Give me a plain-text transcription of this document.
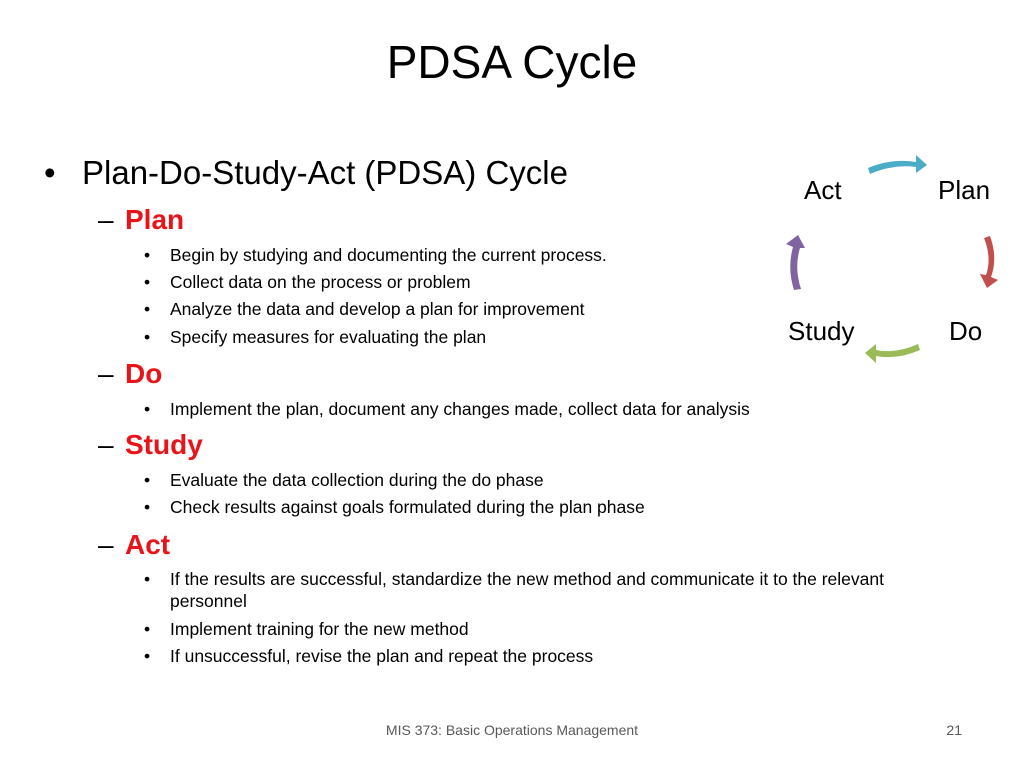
PDSA Cycle
• Plan-Do-Study-Act (PDSA) Cycle
– Plan
• Begin by studying and documenting the current process.
• Collect data on the process or problem
• Analyze the data and develop a plan for improvement
• Specify measures for evaluating the plan
– Do
• Implement the plan, document any changes made, collect data for analysis
– Study
• Evaluate the data collection during the do phase
• Check results against goals formulated during the plan phase
– Act
• If the results are successful, standardize the new method and communicate it to the relevant personnel
• Implement training for the new method
• If unsuccessful, revise the plan and repeat the process
Act	Plan
Do
Study
MIS 373: Basic Operations Management	21
